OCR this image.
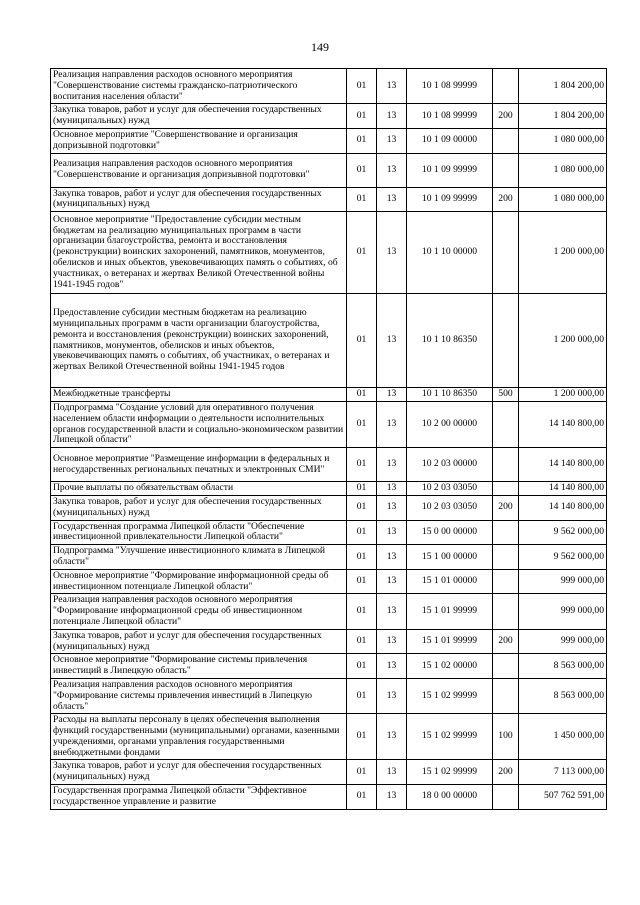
149
Реализация направления расходов основного мероприятия "Совершенствование системы гражданско-патриотического воспитания населения области"	01	13	10 1 08 99999		1 804 200,00
Закупка товаров, работ и услуг для обеспечения государственных (муниципальных) нужд	01	13	10 1 08 99999	200	1 804 200,00
Основное мероприятие "Совершенствование и организация допризывной подготовки"	01	13	10 1 09 00000		1 080 000,00
Реализация направления расходов основного мероприятия "Совершенствование и организация допризывной подготовки"	01	13	10 1 09 99999		1 080 000,00
Закупка товаров, работ и услуг для обеспечения государственных (муниципальных) нужд	01	13	10 1 09 99999	200	1 080 000,00
Основное мероприятие "Предоставление субсидии местным бюджетам на реализацию муниципальных программ в части организации благоустройства, ремонта и восстановления (реконструкции) воинских захоронений, памятников, монументов, обелисков и иных объектов, увековечивающих память о событиях, об участниках, о ветеранах и жертвах Великой Отечественной войны 1941-1945 годов"	01	13	10 1 10 00000		1 200 000,00
Предоставление субсидии местным бюджетам на реализацию муниципальных программ в части организации благоустройства, ремонта и восстановления (реконструкции) воинских захоронений, памятников, монументов, обелисков и иных объектов, увековечивающих память о событиях, об участниках, о ветеранах и жертвах Великой Отечественной войны 1941-1945 годов	01	13	10 1 10 86350		1 200 000,00
Межбюджетные трансферты	01	13	10 1 10 86350	500	1 200 000,00
Подпрограмма "Создание условий для оперативного получения населением области информации о деятельности исполнительных органов государственной власти и социально-экономическом развитии Липецкой области"	01	13	10 2 00 00000		14 140 800,00
Основное мероприятие "Размещение информации в федеральных и негосударственных региональных печатных и электронных СМИ"	01	13	10 2 03 00000		14 140 800,00
Прочие выплаты по обязательствам области	01	13	10 2 03 03050		14 140 800,00
Закупка товаров, работ и услуг для обеспечения государственных (муниципальных) нужд	01	13	10 2 03 03050	200	14 140 800,00
Государственная программа Липецкой области "Обеспечение инвестиционной привлекательности Липецкой области"	01	13	15 0 00 00000		9 562 000,00
Подпрограмма "Улучшение инвестиционного климата в Липецкой области"	01	13	15 1 00 00000		9 562 000,00
Основное мероприятие "Формирование информационной среды об инвестиционном потенциале Липецкой области"	01	13	15 1 01 00000		999 000,00
Реализация направления расходов основного мероприятия "Формирование информационной среды об инвестиционном потенциале Липецкой области"	01	13	15 1 01 99999		999 000,00
Закупка товаров, работ и услуг для обеспечения государственных (муниципальных) нужд	01	13	15 1 01 99999	200	999 000,00
Основное мероприятие "Формирование системы привлечения инвестиций в Липецкую область"	01	13	15 1 02 00000		8 563 000,00
Реализация направления расходов основного мероприятия "Формирование системы привлечения инвестиций в Липецкую область"	01	13	15 1 02 99999		8 563 000,00
Расходы на выплаты персоналу в целях обеспечения выполнения функций государственными (муниципальными) органами, казенными учреждениями, органами управления государственными внебюджетными фондами	01	13	15 1 02 99999	100	1 450 000,00
Закупка товаров, работ и услуг для обеспечения государственных (муниципальных) нужд	01	13	15 1 02 99999	200	7 113 000,00
Государственная программа Липецкой области "Эффективное государственное управление и развитие	01	13	18 0 00 00000		507 762 591,00
